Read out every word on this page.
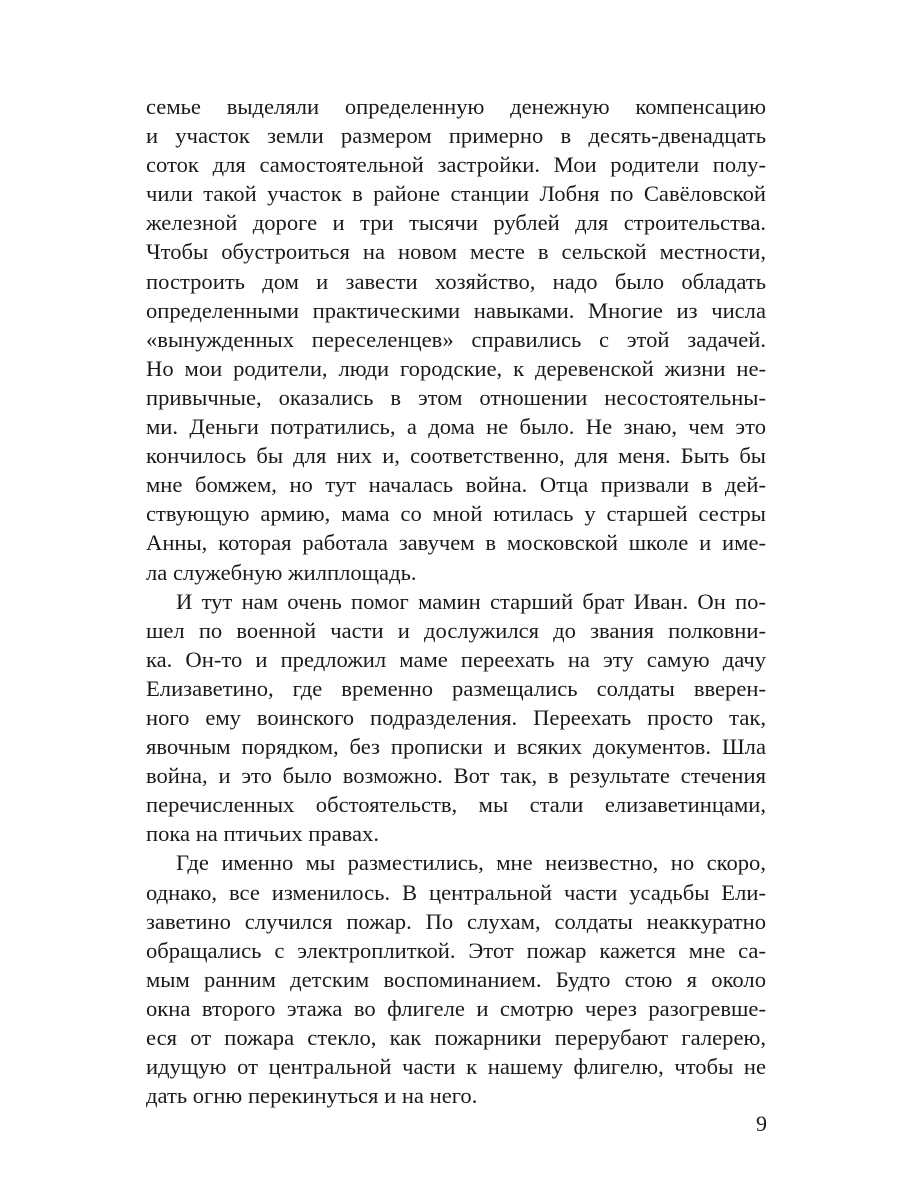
семье выделяли определенную денежную компенсацию
и участок земли размером примерно в десять-двенадцать
соток для самостоятельной застройки. Мои родители полу-
чили такой участок в районе станции Лобня по Савёловской
железной дороге и три тысячи рублей для строительства.
Чтобы обустроиться на новом месте в сельской местности,
построить дом и завести хозяйство, надо было обладать
определенными практическими навыками. Многие из числа
«вынужденных переселенцев» справились с этой задачей.
Но мои родители, люди городские, к деревенской жизни не-
привычные, оказались в этом отношении несостоятельны-
ми. Деньги потратились, а дома не было. Не знаю, чем это
кончилось бы для них и, соответственно, для меня. Быть бы
мне бомжем, но тут началась война. Отца призвали в дей-
ствующую армию, мама со мной ютилась у старшей сестры
Анны, которая работала завучем в московской школе и име-
ла служебную жилплощадь.
И тут нам очень помог мамин старший брат Иван. Он по-
шел по военной части и дослужился до звания полковни-
ка. Он-то и предложил маме переехать на эту самую дачу
Елизаветино, где временно размещались солдаты вверен-
ного ему воинского подразделения. Переехать просто так,
явочным порядком, без прописки и всяких документов. Шла
война, и это было возможно. Вот так, в результате стечения
перечисленных обстоятельств, мы стали елизаветинцами,
пока на птичьих правах.
Где именно мы разместились, мне неизвестно, но скоро,
однако, все изменилось. В центральной части усадьбы Ели-
заветино случился пожар. По слухам, солдаты неаккуратно
обращались с электроплиткой. Этот пожар кажется мне са-
мым ранним детским воспоминанием. Будто стою я около
окна второго этажа во флигеле и смотрю через разогревше-
еся от пожара стекло, как пожарники перерубают галерею,
идущую от центральной части к нашему флигелю, чтобы не
дать огню перекинуться и на него.
9
